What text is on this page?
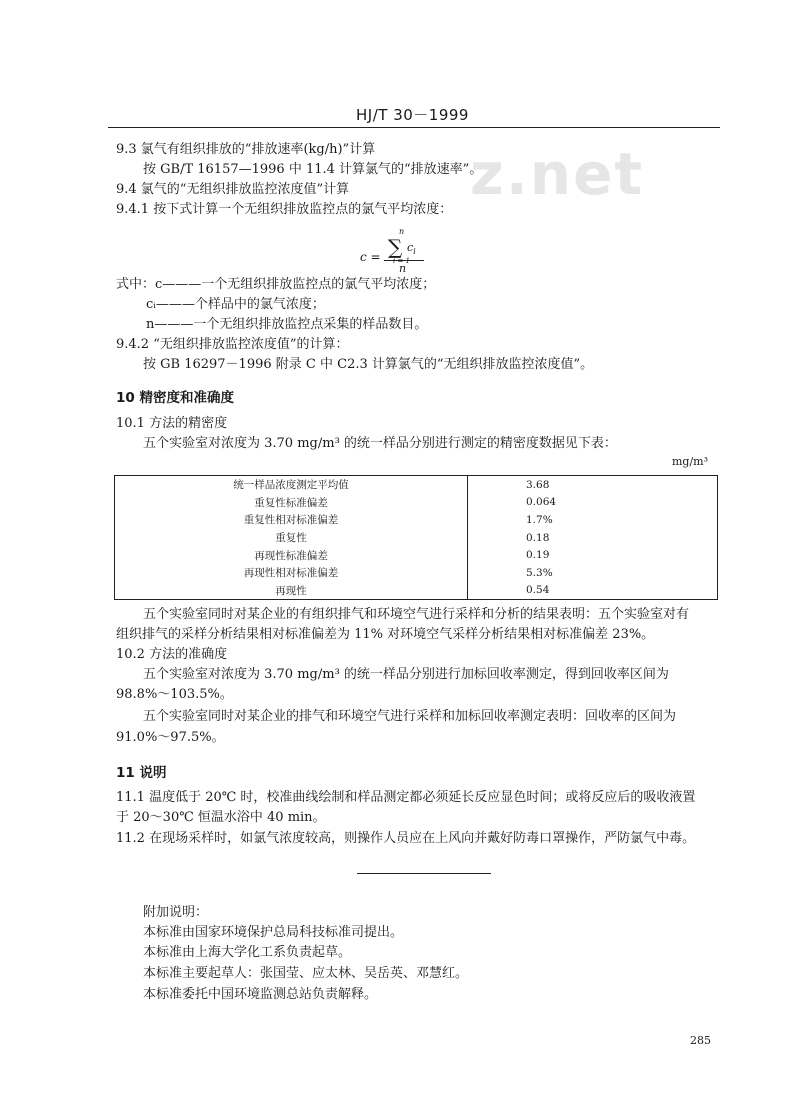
z.net
HJ/T 30－1999
9.3 氯气有组织排放的“排放速率(kg/h)”计算
按 GB/T 16157—1996 中 11.4 计算氯气的“排放速率”。
9.4 氯气的“无组织排放监控浓度值”计算
9.4.1 按下式计算一个无组织排放监控点的氯气平均浓度：
c =
n
∑
i = 1
$c_i$
n
式中：c———一个无组织排放监控点的氯气平均浓度；
cᵢ———个样品中的氯气浓度；
n———一个无组织排放监控点采集的样品数目。
9.4.2 “无组织排放监控浓度值”的计算：
按 GB 16297－1996 附录 C 中 C2.3 计算氯气的“无组织排放监控浓度值”。
10 精密度和准确度
10.1 方法的精密度
五个实验室对浓度为 3.70 mg/m³ 的统一样品分别进行测定的精密度数据见下表：
mg/m³
统一样品浓度测定平均值	3.68
重复性标准偏差	0.064
重复性相对标准偏差	1.7%
重复性	0.18
再现性标准偏差	0.19
再现性相对标准偏差	5.3%
再现性	0.54
五个实验室同时对某企业的有组织排气和环境空气进行采样和分析的结果表明：五个实验室对有
组织排气的采样分析结果相对标准偏差为 11% 对环境空气采样分析结果相对标准偏差 23%。
10.2 方法的准确度
五个实验室对浓度为 3.70 mg/m³ 的统一样品分别进行加标回收率测定，得到回收率区间为
98.8%～103.5%。
五个实验室同时对某企业的排气和环境空气进行采样和加标回收率测定表明：回收率的区间为
91.0%～97.5%。
11 说明
11.1 温度低于 20℃ 时，校准曲线绘制和样品测定都必须延长反应显色时间；或将反应后的吸收液置
于 20～30℃ 恒温水浴中 40 min。
11.2 在现场采样时，如氯气浓度较高，则操作人员应在上风向并戴好防毒口罩操作，严防氯气中毒。
附加说明：
本标准由国家环境保护总局科技标准司提出。
本标准由上海大学化工系负责起草。
本标准主要起草人：张国莹、应太林、吴岳英、邓慧红。
本标准委托中国环境监测总站负责解释。
285
